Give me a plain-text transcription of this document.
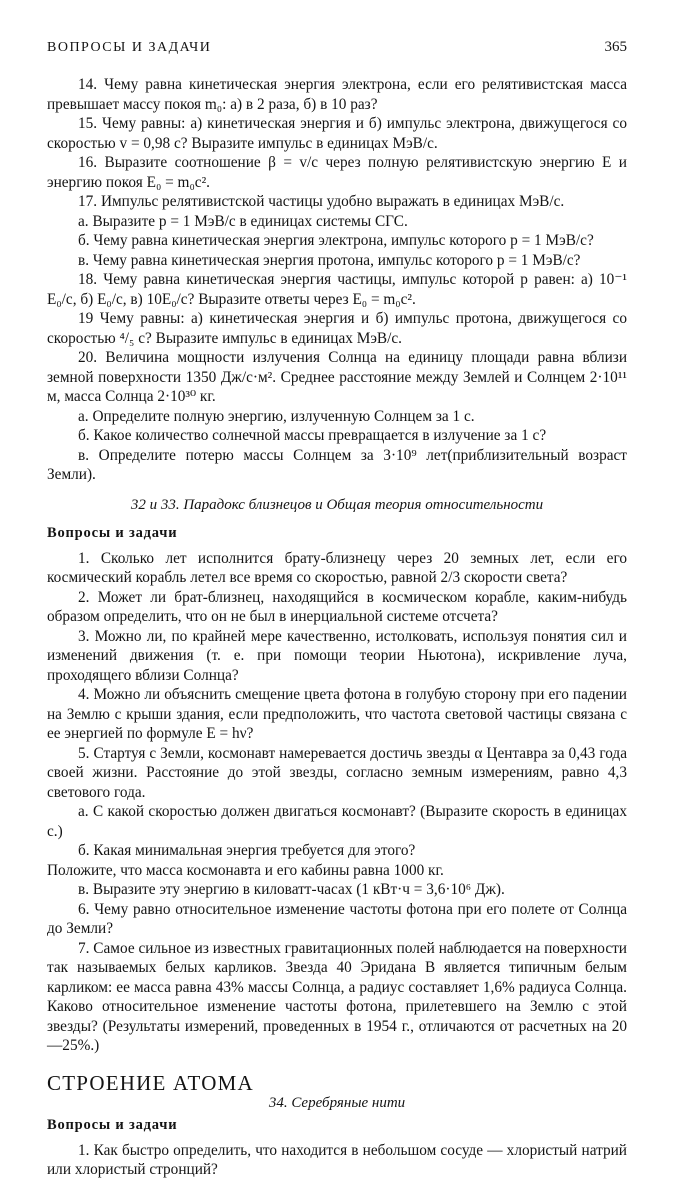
ВОПРОСЫ И ЗАДАЧИ	365

14. Чему равна кинетическая энергия электрона, если его релятивистская масса превышает массу покоя m₀: а) в 2 раза, б) в 10 раз?

15. Чему равны: а) кинетическая энергия и б) импульс электрона, движущегося со скоростью v = 0,98 c? Выразите импульс в единицах МэВ/c.

16. Выразите соотношение β = v/c через полную релятивистскую энергию E и энергию покоя E₀ = m₀c².

17. Импульс релятивистской частицы удобно выражать в единицах МэВ/c.

а. Выразите p = 1 МэВ/c в единицах системы СГС.

б. Чему равна кинетическая энергия электрона, импульс которого p = 1 МэВ/c?

в. Чему равна кинетическая энергия протона, импульс которого p = 1 МэВ/c?

18. Чему равна кинетическая энергия частицы, импульс которой p равен: а) 10⁻¹ E₀/c, б) E₀/c, в) 10E₀/c? Выразите ответы через E₀ = m₀c².

19 Чему равны: а) кинетическая энергия и б) импульс протона, движущегося со скоростью ⁴/₅ c? Выразите импульс в единицах МэВ/c.

20. Величина мощности излучения Солнца на единицу площади равна вблизи земной поверхности 1350 Дж/с·м². Среднее расстояние между Землей и Солнцем 2·10¹¹ м, масса Солнца 2·10³⁰ кг.

а. Определите полную энергию, излученную Солнцем за 1 с.

б. Какое количество солнечной массы превращается в излучение за 1 с?

в. Определите потерю массы Солнцем за 3·10⁹ лет(приблизительный возраст Земли).

32 и 33. Парадокс близнецов и Общая теория относительности
Вопросы и задачи

1. Сколько лет исполнится брату-близнецу через 20 земных лет, если его космический корабль летел все время со скоростью, равной 2/3 скорости света?

2. Может ли брат-близнец, находящийся в космическом корабле, каким-нибудь образом определить, что он не был в инерциальной системе отсчета?

3. Можно ли, по крайней мере качественно, истолковать, используя понятия сил и изменений движения (т. е. при помощи теории Ньютона), искривление луча, проходящего вблизи Солнца?

4. Можно ли объяснить смещение цвета фотона в голубую сторону при его падении на Землю с крыши здания, если предположить, что частота световой частицы связана с ее энергией по формуле E = hν?

5. Стартуя с Земли, космонавт намеревается достичь звезды α Центавра за 0,43 года своей жизни. Расстояние до этой звезды, согласно земным измерениям, равно 4,3 светового года.

а. С какой скоростью должен двигаться космонавт? (Выразите скорость в единицах c.)

б. Какая минимальная энергия требуется для этого?

Положите, что масса космонавта и его кабины равна 1000 кг.

в. Выразите эту энергию в киловатт-часах (1 кВт·ч = 3,6·10⁶ Дж).

6. Чему равно относительное изменение частоты фотона при его полете от Солнца до Земли?

7. Самое сильное из известных гравитационных полей наблюдается на поверхности так называемых белых карликов. Звезда 40 Эридана В является типичным белым карликом: ее масса равна 43% массы Солнца, а радиус составляет 1,6% радиуса Солнца. Каково относительное изменение частоты фотона, прилетевшего на Землю с этой звезды? (Результаты измерений, проведенных в 1954 г., отличаются от расчетных на 20—25%.)

СТРОЕНИЕ АТОМА
34. Серебряные нити
Вопросы и задачи

1. Как быстро определить, что находится в небольшом сосуде — хлористый натрий или хлористый стронций?
